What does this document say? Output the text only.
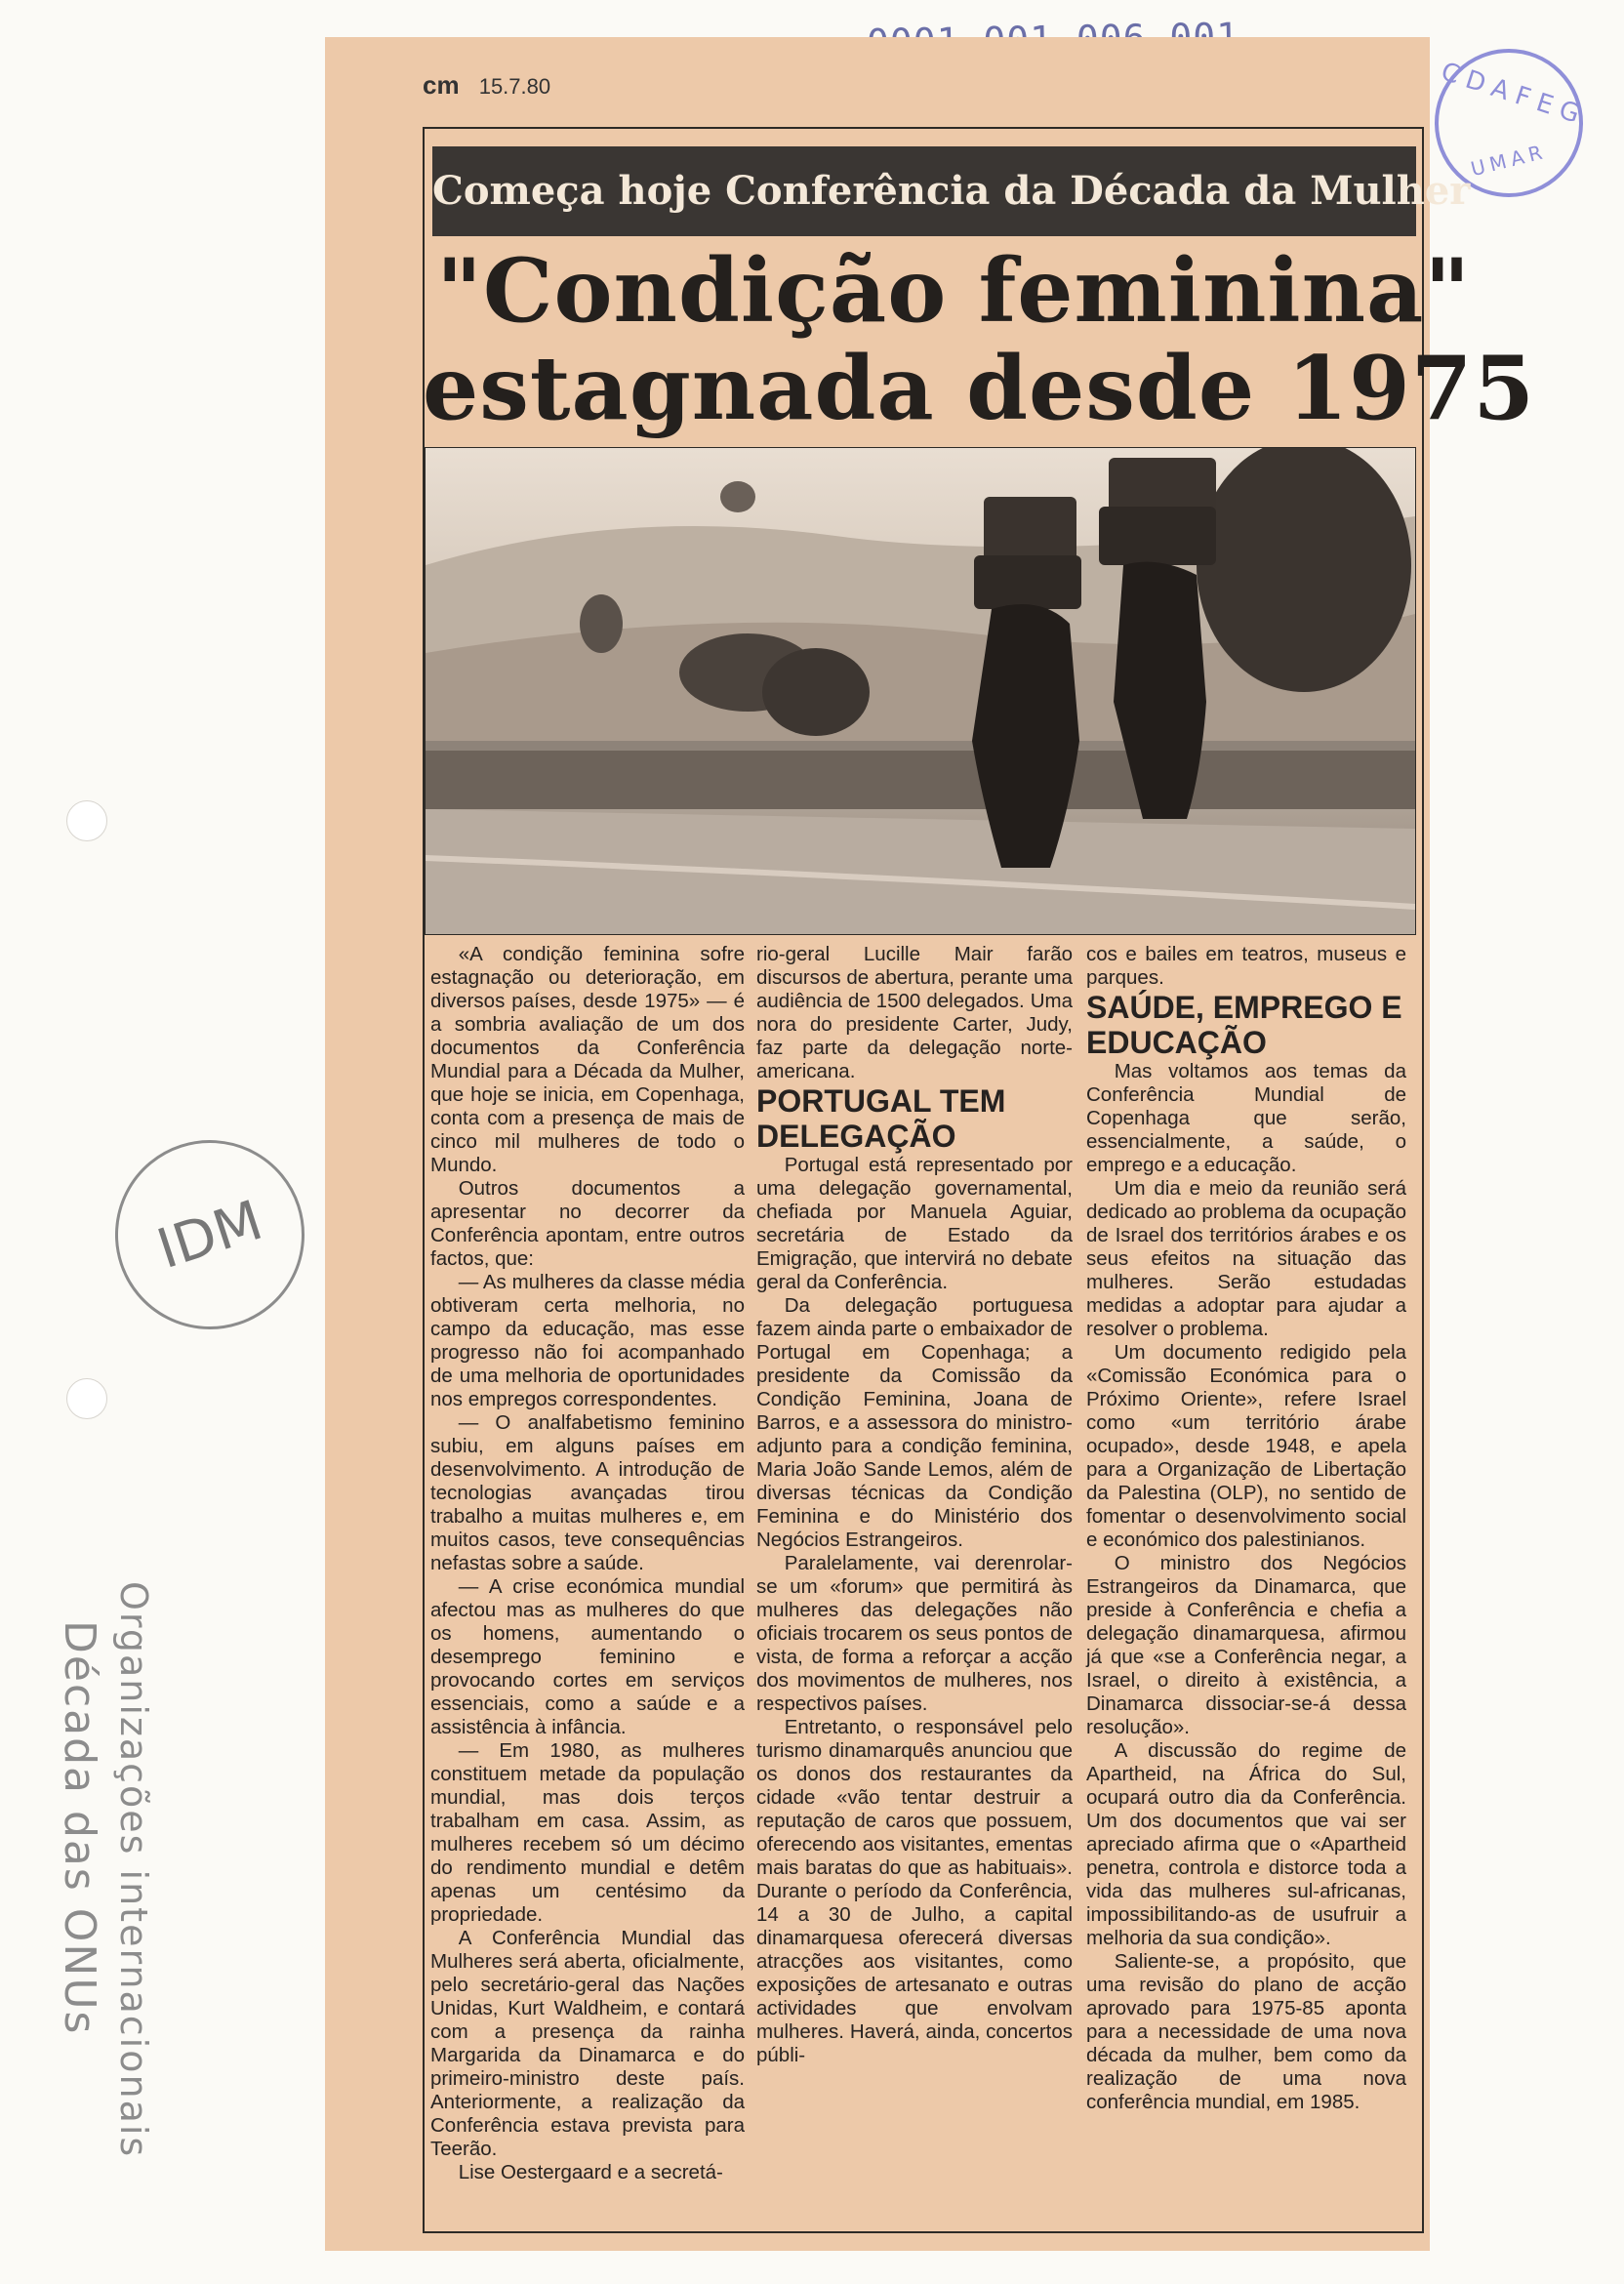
CDAFEG
UMAR
IDM
Organizações internacionais
Década das ONUs
cm 15.7.80
Começa hoje Conferência da Década da Mulher
"Condição feminina"
estagnada desde 1975

«A condição feminina sofre estagnação ou deterioração, em diversos países, desde 1975» — é a sombria avaliação de um dos documentos da Conferência Mundial para a Década da Mulher, que hoje se inicia, em Copenhaga, conta com a presença de mais de cinco mil mulheres de todo o Mundo.

Outros documentos a apresentar no decorrer da Conferência apontam, entre outros factos, que:

— As mulheres da classe média obtiveram certa melhoria, no campo da educação, mas esse progresso não foi acompanhado de uma melhoria de oportunidades nos empregos correspondentes.

— O analfabetismo feminino subiu, em alguns países em desenvolvimento. A introdução de tecnologias avançadas tirou trabalho a muitas mulheres e, em muitos casos, teve consequências nefastas sobre a saúde.

— A crise económica mundial afectou mas as mulheres do que os homens, aumentando o desemprego feminino e provocando cortes em serviços essenciais, como a saúde e a assistência à infância.

— Em 1980, as mulheres constituem metade da população mundial, mas dois terços trabalham em casa. Assim, as mulheres recebem só um décimo do rendimento mundial e detêm apenas um centésimo da propriedade.

A Conferência Mundial das Mulheres será aberta, oficialmente, pelo secretário-geral das Nações Unidas, Kurt Waldheim, e contará com a presença da rainha Margarida da Dinamarca e do primeiro-ministro deste país. Anteriormente, a realização da Conferência estava prevista para Teerão.

Lise Oestergaard e a secretá-

rio-geral Lucille Mair farão discursos de abertura, perante uma audiência de 1500 delegados. Uma nora do presidente Carter, Judy, faz parte da delegação norte-americana.

PORTUGAL TEM DELEGAÇÃO

Portugal está representado por uma delegação governamental, chefiada por Manuela Aguiar, secretária de Estado da Emigração, que intervirá no debate geral da Conferência.

Da delegação portuguesa fazem ainda parte o embaixador de Portugal em Copenhaga; a presidente da Comissão da Condição Feminina, Joana de Barros, e a assessora do ministro-adjunto para a condição feminina, Maria João Sande Lemos, além de diversas técnicas da Condição Feminina e do Ministério dos Negócios Estrangeiros.

Paralelamente, vai derenrolar-se um «forum» que permitirá às mulheres das delegações não oficiais trocarem os seus pontos de vista, de forma a reforçar a acção dos movimentos de mulheres, nos respectivos países.

Entretanto, o responsável pelo turismo dinamarquês anunciou que os donos dos restaurantes da cidade «vão tentar destruir a reputação de caros que possuem, oferecendo aos visitantes, ementas mais baratas do que as habituais». Durante o período da Conferência, 14 a 30 de Julho, a capital dinamarquesa oferecerá diversas atracções aos visitantes, como exposições de artesanato e outras actividades que envolvam mulheres. Haverá, ainda, concertos públi-

cos e bailes em teatros, museus e parques.

SAÚDE, EMPREGO E EDUCAÇÃO

Mas voltamos aos temas da Conferência Mundial de Copenhaga que serão, essencialmente, a saúde, o emprego e a educação.

Um dia e meio da reunião será dedicado ao problema da ocupação de Israel dos territórios árabes e os seus efeitos na situação das mulheres. Serão estudadas medidas a adoptar para ajudar a resolver o problema.

Um documento redigido pela «Comissão Económica para o Próximo Oriente», refere Israel como «um território árabe ocupado», desde 1948, e apela para a Organização de Libertação da Palestina (OLP), no sentido de fomentar o desenvolvimento social e económico dos palestinianos.

O ministro dos Negócios Estrangeiros da Dinamarca, que preside à Conferência e chefia a delegação dinamarquesa, afirmou já que «se a Conferência negar, a Israel, o direito à existência, a Dinamarca dissociar-se-á dessa resolução».

A discussão do regime de Apartheid, na África do Sul, ocupará outro dia da Conferência. Um dos documentos que vai ser apreciado afirma que o «Apartheid penetra, controla e distorce toda a vida das mulheres sul-africanas, impossibilitando-as de usufruir a melhoria da sua condição».

Saliente-se, a propósito, que uma revisão do plano de acção aprovado para 1975-85 aponta para a necessidade de uma nova década da mulher, bem como da realização de uma nova conferência mundial, em 1985.
